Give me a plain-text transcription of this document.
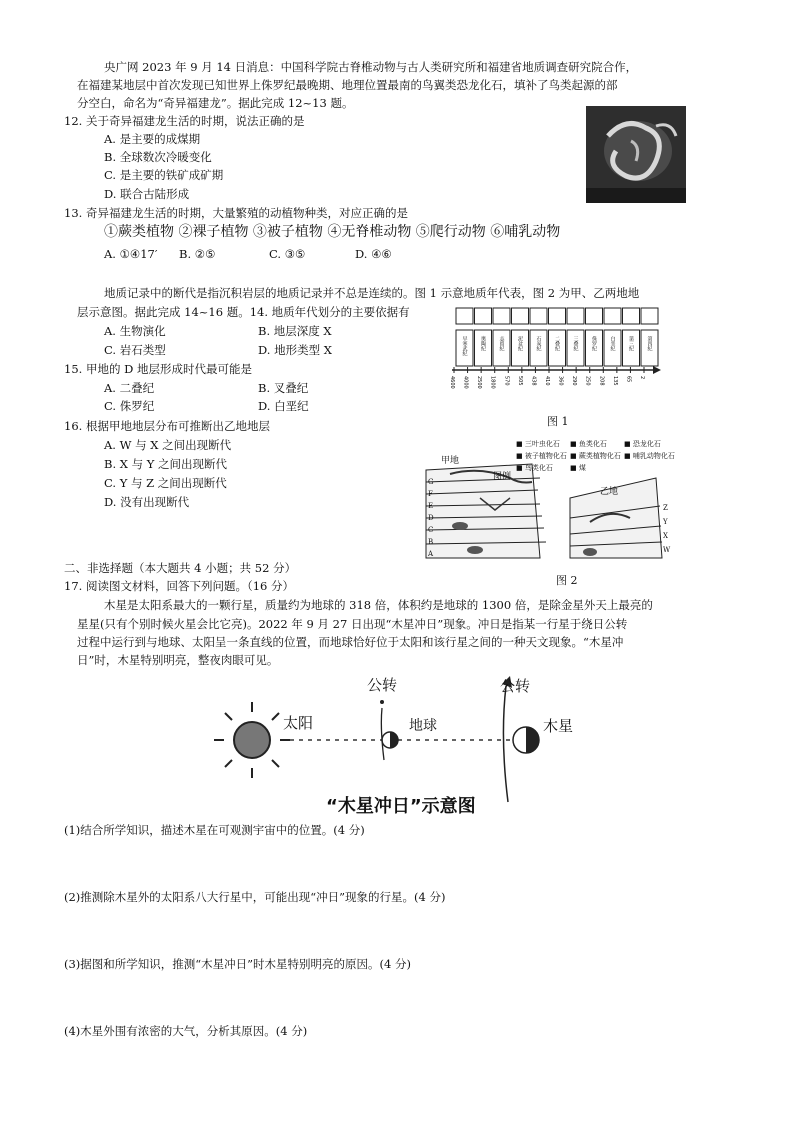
央广网 2023 年 9 月 14 日消息：中国科学院古脊椎动物与古人类研究所和福建省地质调查研究院合作，
在福建某地层中首次发现已知世界上侏罗纪最晚期、地理位置最南的鸟翼类恐龙化石，填补了鸟类起源的部
分空白，命名为“奇异福建龙”。据此完成 12~13 题。
12. 关于奇异福建龙生活的时期，说法正确的是
A. 是主要的成煤期
B. 全球数次冷暖变化
C. 是主要的铁矿成矿期
D. 联合古陆形成
13. 奇异福建龙生活的时期，大量繁殖的动植物种类，对应正确的是
①蕨类植物 ②裸子植物 ③被子植物 ④无脊椎动物 ⑤爬行动物 ⑥哺乳动物
A. ①④17′ B. ②⑤	C. ③⑤	D. ④⑥
地质记录中的断代是指沉积岩层的地质记录并不总是连续的。图 1 示意地质年代表，图 2 为甲、乙两地地
层示意图。据此完成 14~16 题。14. 地质年代划分的主要依据有
A. 生物演化	B. 地层深度 X
C. 岩石类型	D. 地形类型 X
15. 甲地的 D 地层形成时代最可能是
A. 二叠纪	B. 叉叠纪
C. 侏罗纪	D. 白垩纪
16. 根据甲地地层分布可推断出乙地地层
A. W 与 X 之间出现断代
B. X 与 Y 之间出现断代
C. Y 与 Z 之间出现断代
D. 没有出现断代
早寒武纪	奥陶纪	志留纪	泥盆纪	石炭纪	二叠纪	三叠纪	侏罗纪	白垩纪	第三纪	第四纪
4600 4000 2500 1800 570 505 438 410 360 290 250 208 135 65 2
图 1
甲地
乙地
图例
■ 三叶虫化石 ■ 鱼类化石 ■ 恐龙化石
■ 被子植物化石 ■ 蕨类植物化石 ■ 哺乳动物化石
■ 鸟类化石 ■ 煤
G
F
E
D
C
B
A
Z
Y
X
W
图 2
二、非选择题（本大题共 4 小题；共 52 分）
17. 阅读图文材料，回答下列问题。（16 分）
木星是太阳系最大的一颗行星，质量约为地球的 318 倍，体积约是地球的 1300 倍，是除金星外天上最亮的
星星(只有个别时候火星会比它亮)。2022 年 9 月 27 日出现“木星冲日”现象。冲日是指某一行星于绕日公转
过程中运行到与地球、太阳呈一条直线的位置，而地球恰好位于太阳和该行星之间的一种天文现象。“木星冲
日”时，木星特别明亮，整夜肉眼可见。
太阳	地球	木星
公转	公转
“木星冲日”示意图
(1)结合所学知识，描述木星在可观测宇宙中的位置。(4 分)
(2)推测除木星外的太阳系八大行星中，可能出现“冲日”现象的行星。(4 分)
(3)据图和所学知识，推测“木星冲日”时木星特别明亮的原因。(4 分)
(4)木星外围有浓密的大气，分析其原因。(4 分)
